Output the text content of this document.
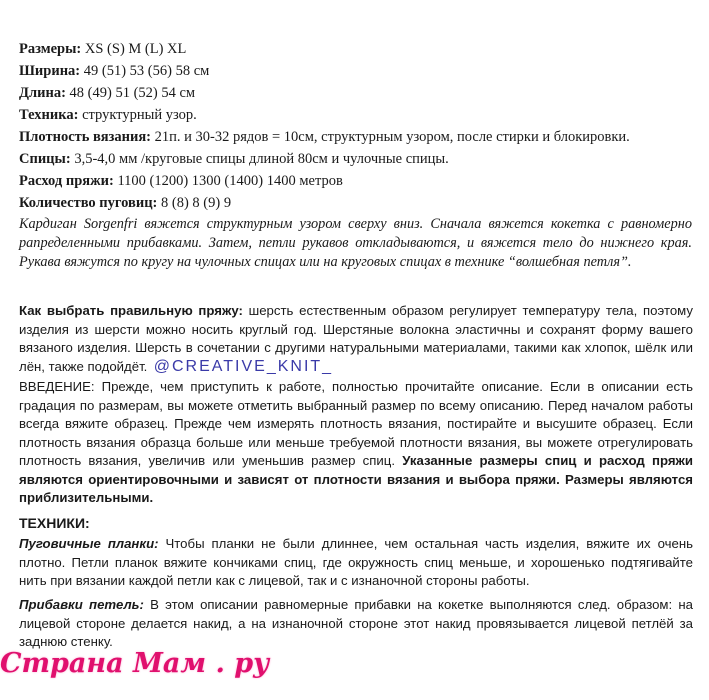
Размеры: XS (S) M (L) XL
Ширина: 49 (51) 53 (56) 58 см
Длина: 48 (49) 51 (52) 54 см
Техника: структурный узор.
Плотность вязания: 21п. и 30-32 рядов = 10см, структурным узором, после стирки и блокировки.
Спицы: 3,5-4,0 мм /круговые спицы длиной 80см и чулочные спицы.
Расход пряжи: 1100 (1200) 1300 (1400) 1400 метров
Количество пуговиц: 8 (8) 8 (9) 9
Кардиган Sorgenfri вяжется структурным узором сверху вниз. Сначала вяжется кокетка с равномерно рапределенными прибавками. Затем, петли рукавов откладываются, и вяжется тело до нижнего края. Рукава вяжутся по кругу на чулочных спицах или на круговых спицах в технике “волшебная петля”.
Как выбрать правильную пряжу: шерсть естественным образом регулирует температуру тела, поэтому изделия из шерсти можно носить круглый год. Шерстяные волокна эластичны и сохранят форму вашего вязаного изделия. Шерсть в сочетании с другими натуральными материалами, такими как хлопок, шёлк или лён, также подойдёт. @CREATIVE_KNIT_
ВВЕДЕНИЕ: Прежде, чем приступить к работе, полностью прочитайте описание. Если в описании есть градация по размерам, вы можете отметить выбранный размер по всему описанию. Перед началом работы всегда вяжите образец. Прежде чем измерять плотность вязания, постирайте и высушите образец. Если плотность вязания образца больше или меньше требуемой плотности вязания, вы можете отрегулировать плотность вязания, увеличив или уменьшив размер спиц. Указанные размеры спиц и расход пряжи являются ориентировочными и зависят от плотности вязания и выбора пряжи. Размеры являются приблизительными.
ТЕХНИКИ:
Пуговичные планки: Чтобы планки не были длиннее, чем остальная часть изделия, вяжите их очень плотно. Петли планок вяжите кончиками спиц, где окружность спиц меньше, и хорошенько подтягивайте нить при вязании каждой петли как с лицевой, так и с изнаночной стороны работы.
Прибавки петель: В этом описании равномерные прибавки на кокетке выполняются след. образом: на лицевой стороне делается накид, а на изнаночной стороне этот накид провязывается лицевой петлёй за заднюю стенку.
Страна Мам . ру
